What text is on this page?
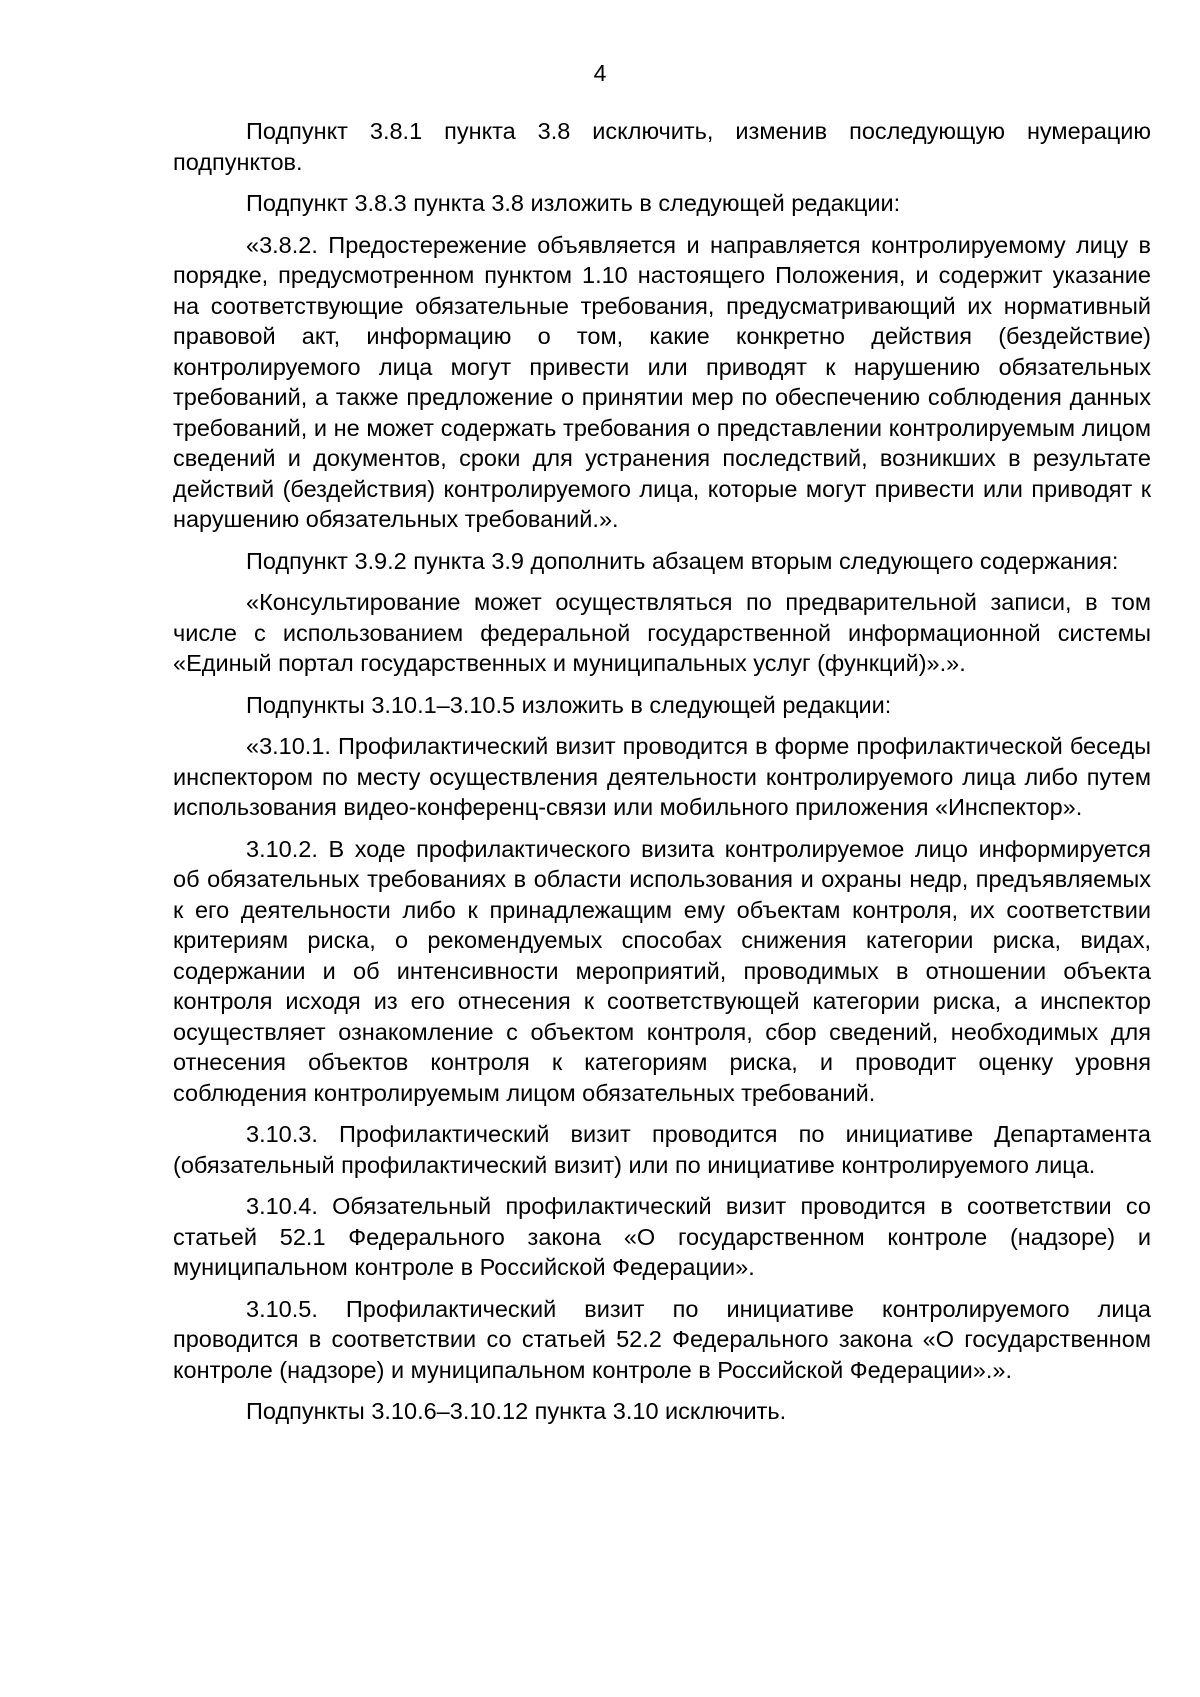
4

Подпункт 3.8.1 пункта 3.8 исключить, изменив последующую нумерацию подпунктов.

Подпункт 3.8.3 пункта 3.8 изложить в следующей редакции:

«3.8.2. Предостережение объявляется и направляется контролируемому лицу в порядке, предусмотренном пунктом 1.10 настоящего Положения, и содержит указание на соответствующие обязательные требования, предусматривающий их нормативный правовой акт, информацию о том, какие конкретно действия (бездействие) контролируемого лица могут привести или приводят к нарушению обязательных требований, а также предложение о принятии мер по обеспечению соблюдения данных требований, и не может содержать требования о представлении контролируемым лицом сведений и документов, сроки для устранения последствий, возникших в результате действий (бездействия) контролируемого лица, которые могут привести или приводят к нарушению обязательных требований.».

Подпункт 3.9.2 пункта 3.9 дополнить абзацем вторым следующего содержания:

«Консультирование может осуществляться по предварительной записи, в том числе с использованием федеральной государственной информационной системы «Единый портал государственных и муниципальных услуг (функций)».».

Подпункты 3.10.1–3.10.5 изложить в следующей редакции:

«3.10.1. Профилактический визит проводится в форме профилактической беседы инспектором по месту осуществления деятельности контролируемого лица либо путем использования видео-конференц-связи или мобильного приложения «Инспектор».

3.10.2. В ходе профилактического визита контролируемое лицо информируется об обязательных требованиях в области использования и охраны недр, предъявляемых к его деятельности либо к принадлежащим ему объектам контроля, их соответствии критериям риска, о рекомендуемых способах снижения категории риска, видах, содержании и об интенсивности мероприятий, проводимых в отношении объекта контроля исходя из его отнесения к соответствующей категории риска, а инспектор осуществляет ознакомление с объектом контроля, сбор сведений, необходимых для отнесения объектов контроля к категориям риска, и проводит оценку уровня соблюдения контролируемым лицом обязательных требований.

3.10.3. Профилактический визит проводится по инициативе Департамента (обязательный профилактический визит) или по инициативе контролируемого лица.

3.10.4. Обязательный профилактический визит проводится в соответствии со статьей 52.1 Федерального закона «О государственном контроле (надзоре) и муниципальном контроле в Российской Федерации».

3.10.5. Профилактический визит по инициативе контролируемого лица проводится в соответствии со статьей 52.2 Федерального закона «О государственном контроле (надзоре) и муниципальном контроле в Российской Федерации».».

Подпункты 3.10.6–3.10.12 пункта 3.10 исключить.
